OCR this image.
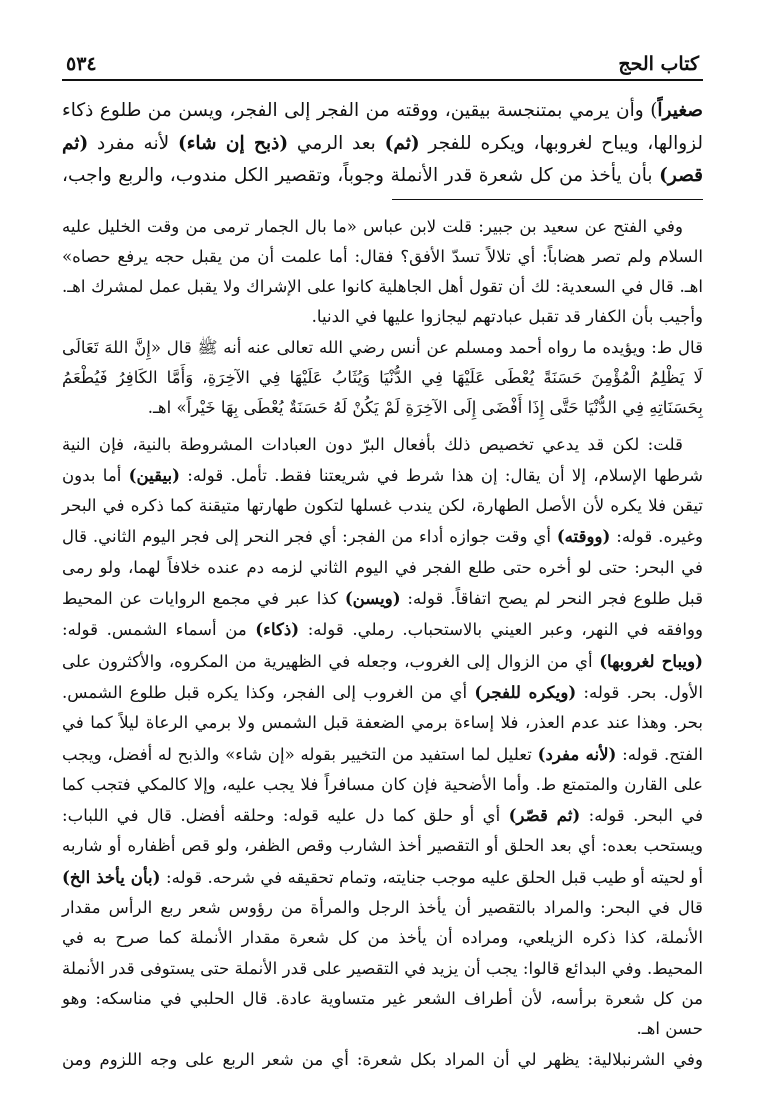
كتاب الحج
٥٣٤

صغيراً) وأن يرمي بمتنجسة بيقين، ووقته من الفجر إلى الفجر، ويسن من طلوع ذكاء لزوالها، ويباح لغروبها، ويكره للفجر (ثم) بعد الرمي (ذبح إن شاء) لأنه مفرد (ثم قصر) بأن يأخذ من كل شعرة قدر الأنملة وجوباً، وتقصير الكل مندوب، والربع واجب،

وفي الفتح عن سعيد بن جبير: قلت لابن عباس «ما بال الجمار ترمى من وقت الخليل عليه السلام ولم تصر هضاباً: أي تلالاً تسدّ الأفق؟ فقال: أما علمت أن من يقبل حجه يرفع حصاه» اهـ. قال في السعدية: لك أن تقول أهل الجاهلية كانوا على الإشراك ولا يقبل عمل لمشرك اهـ. وأجيب بأن الكفار قد تقبل عبادتهم ليجازوا عليها في الدنيا.

قال ط: ويؤيده ما رواه أحمد ومسلم عن أنس رضي الله تعالى عنه أنه ﷺ قال «إِنَّ اللهَ تَعَالَى لَا يَظْلِمُ الْمُؤْمِنَ حَسَنَةً يُعْطَى عَلَيْهَا فِي الدُّنْيَا وَيُثَابُ عَلَيْهَا فِي الآخِرَةِ، وَأَمَّا الكَافِرُ فَيُطْعَمُ بِحَسَنَاتِهِ فِي الدُّنْيَا حَتَّى إِذَا أَفْضَى إِلَى الآخِرَةِ لَمْ يَكُنْ لَهُ حَسَنَةٌ يُعْطَى بِهَا خَيْراً» اهـ.

قلت: لكن قد يدعي تخصيص ذلك بأفعال البرّ دون العبادات المشروطة بالنية، فإن النية شرطها الإسلام، إلا أن يقال: إن هذا شرط في شريعتنا فقط. تأمل. قوله: (بيقين) أما بدون تيقن فلا يكره لأن الأصل الطهارة، لكن يندب غسلها لتكون طهارتها متيقنة كما ذكره في البحر وغيره. قوله: (ووقته) أي وقت جوازه أداء من الفجر: أي فجر النحر إلى فجر اليوم الثاني. قال في البحر: حتى لو أخره حتى طلع الفجر في اليوم الثاني لزمه دم عنده خلافاً لهما، ولو رمى قبل طلوع فجر النحر لم يصح اتفاقاً. قوله: (ويسن) كذا عبر في مجمع الروايات عن المحيط ووافقه في النهر، وعبر العيني بالاستحباب. رملي. قوله: (ذكاء) من أسماء الشمس. قوله: (ويباح لغروبها) أي من الزوال إلى الغروب، وجعله في الظهيرية من المكروه، والأكثرون على الأول. بحر. قوله: (ويكره للفجر) أي من الغروب إلى الفجر، وكذا يكره قبل طلوع الشمس. بحر. وهذا عند عدم العذر، فلا إساءة برمي الضعفة قبل الشمس ولا برمي الرعاة ليلاً كما في الفتح. قوله: (لأنه مفرد) تعليل لما استفيد من التخيير بقوله «إن شاء» والذبح له أفضل، ويجب على القارن والمتمتع ط. وأما الأضحية فإن كان مسافراً فلا يجب عليه، وإلا كالمكي فتجب كما في البحر. قوله: (ثم قصّر) أي أو حلق كما دل عليه قوله: وحلقه أفضل. قال في اللباب: ويستحب بعده: أي بعد الحلق أو التقصير أخذ الشارب وقص الظفر، ولو قص أظفاره أو شاربه أو لحيته أو طيب قبل الحلق عليه موجب جنايته، وتمام تحقيقه في شرحه. قوله: (بأن يأخذ الخ) قال في البحر: والمراد بالتقصير أن يأخذ الرجل والمرأة من رؤوس شعر ربع الرأس مقدار الأنملة، كذا ذكره الزيلعي، ومراده أن يأخذ من كل شعرة مقدار الأنملة كما صرح به في المحيط. وفي البدائع قالوا: يجب أن يزيد في التقصير على قدر الأنملة حتى يستوفى قدر الأنملة من كل شعرة برأسه، لأن أطراف الشعر غير متساوية عادة. قال الحلبي في مناسكه: وهو حسن اهـ.

وفي الشرنبلالية: يظهر لي أن المراد بكل شعرة: أي من شعر الربع على وجه اللزوم ومن
